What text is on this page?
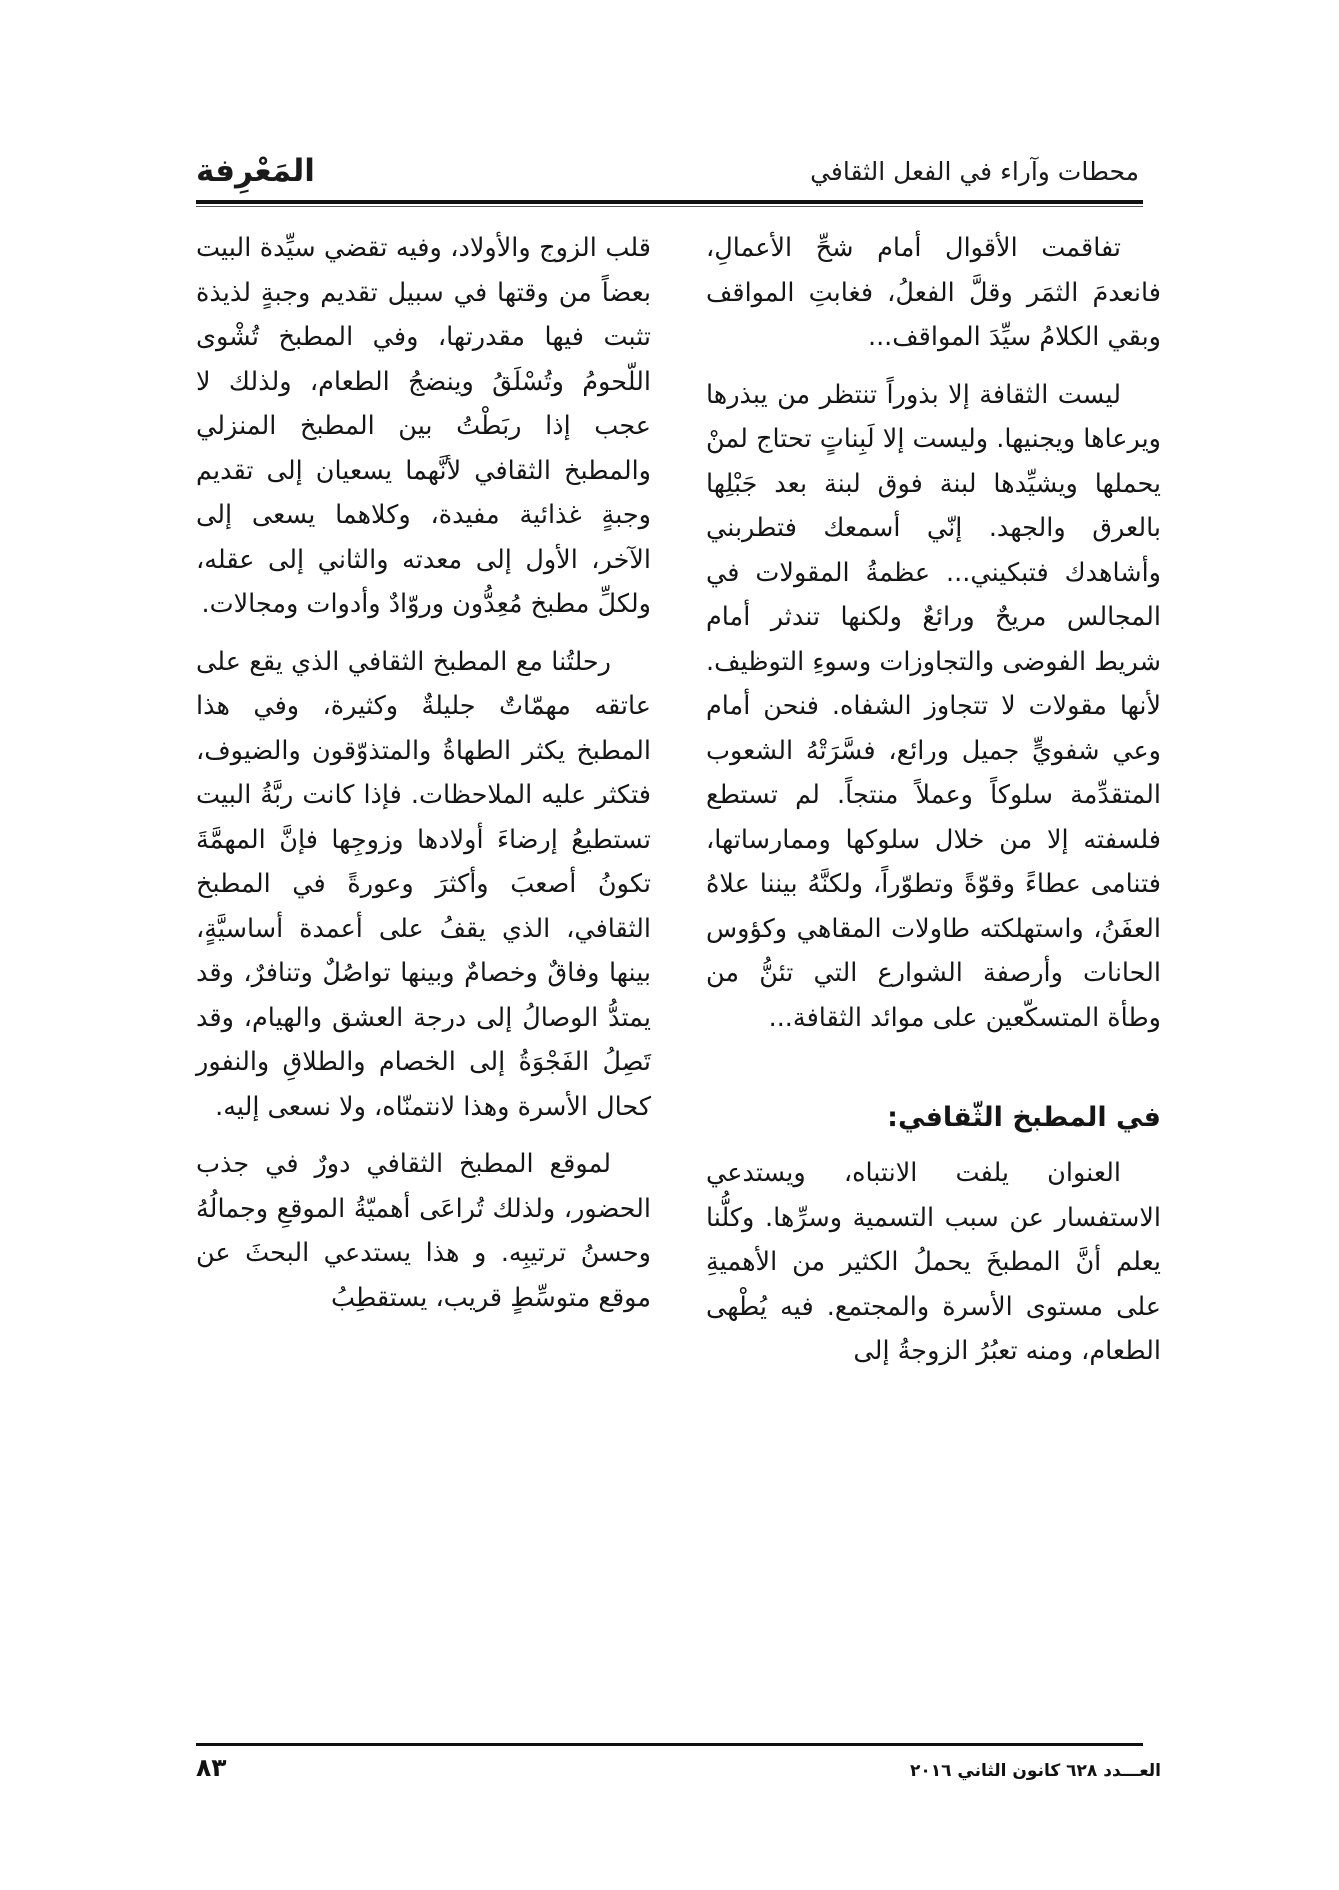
المَعْرِفة	محطات وآراء في الفعل الثقافي

تفاقمت الأقوال أمام شحِّ الأعمالِ، فانعدمَ الثمَر وقلَّ الفعلُ، فغابتِ المواقف وبقي الكلامُ سيِّدَ المواقف...

ليست الثقافة إلا بذوراً تنتظر من يبذرها ويرعاها ويجنيها. وليست إلا لَبِناتٍ تحتاج لمنْ يحملها ويشيِّدها لبنة فوق لبنة بعد جَبْلِها بالعرق والجهد. إنّي أسمعك فتطربني وأشاهدك فتبكيني... عظمةُ المقولات في المجالس مريحٌ ورائعٌ ولكنها تندثر أمام شريط الفوضى والتجاوزات وسوءِ التوظيف. لأنها مقولات لا تتجاوز الشفاه. فنحن أمام وعي شفويٍّ جميل ورائع، فسَّرَتْهُ الشعوب المتقدِّمة سلوكاً وعملاً منتجاً. لم تستطع فلسفته إلا من خلال سلوكها وممارساتها، فتنامى عطاءً وقوّةً وتطوّراً، ولكنَّهُ بيننا علاهُ العفَنُ، واستهلكته طاولات المقاهي وكؤوس الحانات وأرصفة الشوارع التي تئنُّ من وطأة المتسكّعين على موائد الثقافة...

في المطبخ الثّقافي:

العنوان يلفت الانتباه، ويستدعي الاستفسار عن سبب التسمية وسرِّها. وكلُّنا يعلم أنَّ المطبخَ يحملُ الكثير من الأهميةِ على مستوى الأسرة والمجتمع. فيه يُطْهى الطعام، ومنه تعبُرُ الزوجةُ إلى

قلب الزوج والأولاد، وفيه تقضي سيِّدة البيت بعضاً من وقتها في سبيل تقديم وجبةٍ لذيذة تثبت فيها مقدرتها، وفي المطبخ تُشْوى اللّحومُ وتُسْلَقُ وينضجُ الطعام، ولذلك لا عجب إذا ربَطْتُ بين المطبخ المنزلي والمطبخ الثقافي لأنَّهما يسعيان إلى تقديم وجبةٍ غذائية مفيدة، وكلاهما يسعى إلى الآخر، الأول إلى معدته والثاني إلى عقله، ولكلِّ مطبخ مُعِدُّون وروّادٌ وأدوات ومجالات.

رحلتُنا مع المطبخ الثقافي الذي يقع على عاتقه مهمّاتٌ جليلةٌ وكثيرة، وفي هذا المطبخ يكثر الطهاةُ والمتذوّقون والضيوف، فتكثر عليه الملاحظات. فإذا كانت ربَّةُ البيت تستطيعُ إرضاءَ أولادها وزوجِها فإنَّ المهمَّةَ تكونُ أصعبَ وأكثرَ وعورةً في المطبخ الثقافي، الذي يقفُ على أعمدة أساسيَّةٍ، بينها وفاقٌ وخصامٌ وبينها تواصُلٌ وتنافرٌ، وقد يمتدُّ الوصالُ إلى درجة العشق والهيام، وقد تَصِلُ الفَجْوَةُ إلى الخصام والطلاقِ والنفور كحال الأسرة وهذا لانتمنّاه، ولا نسعى إليه.

لموقع المطبخ الثقافي دورٌ في جذب الحضور، ولذلك تُراعَى أهميّةُ الموقعِ وجمالُهُ وحسنُ ترتيبِه. و هذا يستدعي البحثَ عن موقع متوسِّطٍ قريب، يستقطِبُ

العـــدد ٦٢٨ كانون الثاني ٢٠١٦
٨٣
